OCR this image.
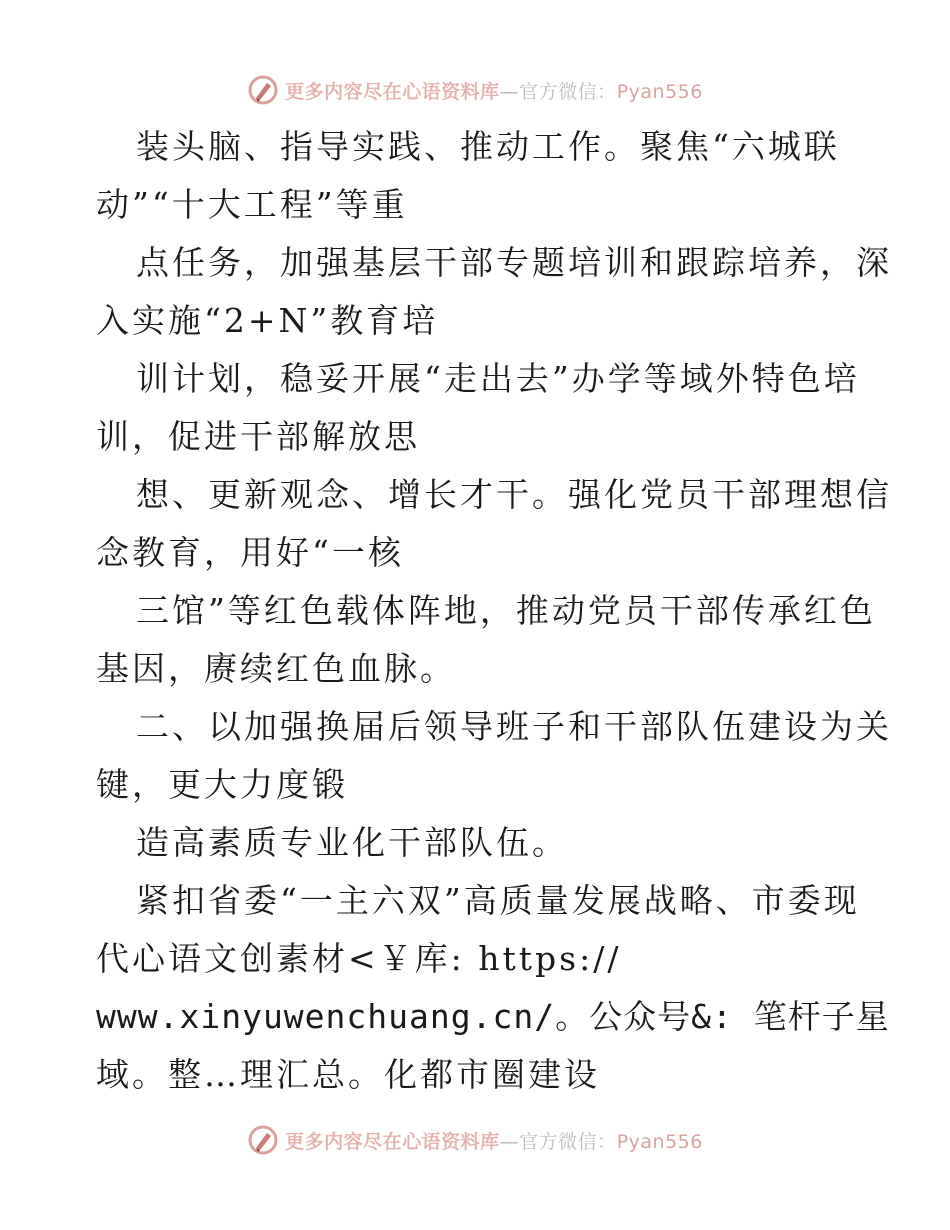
更多内容尽在心语资料库—官方微信：Pyan556
装头脑、指导实践、推动工作。聚焦“六城联
动”“十大工程”等重
点任务，加强基层干部专题培训和跟踪培养，深
入实施“2+N”教育培
训计划，稳妥开展“走出去”办学等域外特色培
训，促进干部解放思
想、更新观念、增长才干。强化党员干部理想信
念教育，用好“一核
三馆”等红色载体阵地，推动党员干部传承红色
基因，赓续红色血脉。
二、以加强换届后领导班子和干部队伍建设为关
键，更大力度锻
造高素质专业化干部队伍。
紧扣省委“一主六双”高质量发展战略、市委现
代心语文创素材<￥库: https://
www.xinyuwenchuang.cn/。公众号&: 笔杆子星
域。整…理汇总。化都市圈建设
更多内容尽在心语资料库—官方微信：Pyan556
